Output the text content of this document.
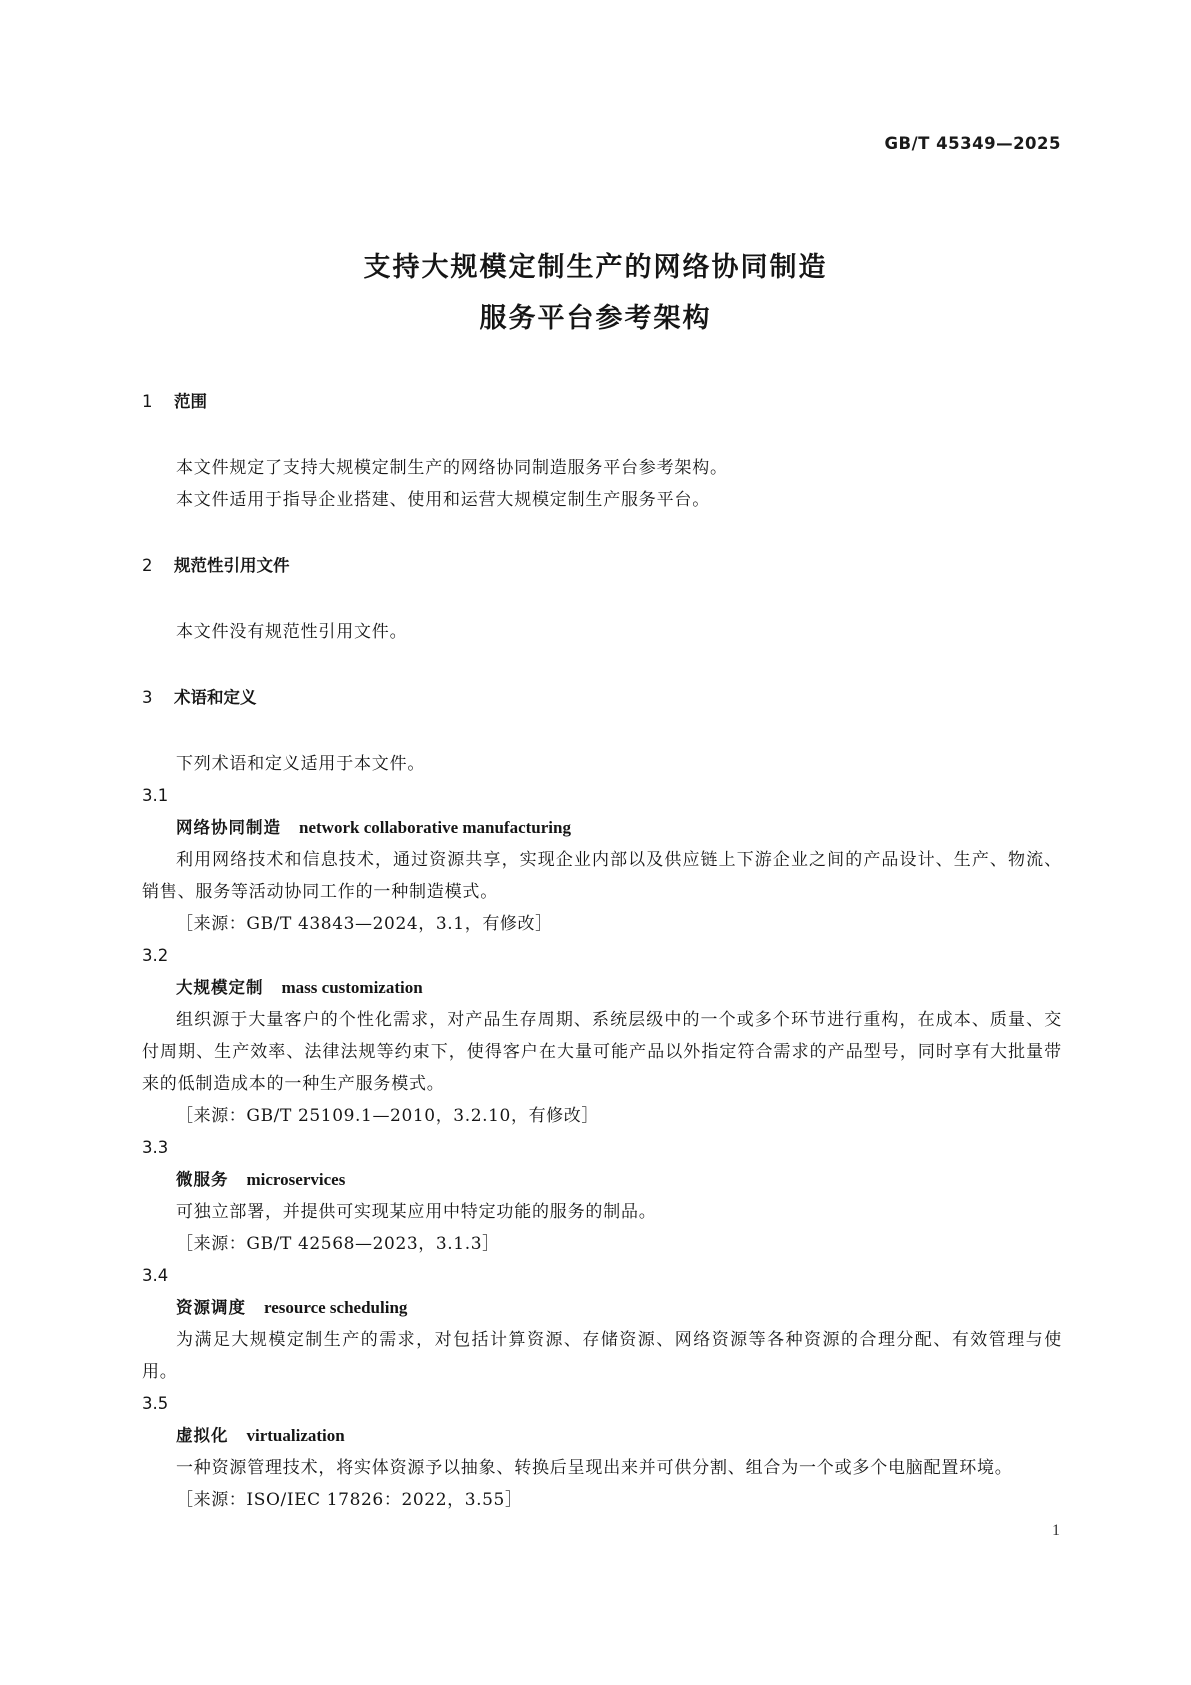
GB/T 45349—2025
支持大规模定制生产的网络协同制造
服务平台参考架构
1 范围
本文件规定了支持大规模定制生产的网络协同制造服务平台参考架构。
本文件适用于指导企业搭建、使用和运营大规模定制生产服务平台。
2 规范性引用文件
本文件没有规范性引用文件。
3 术语和定义
下列术语和定义适用于本文件。
3.1
网络协同制造 network collaborative manufacturing
利用网络技术和信息技术，通过资源共享，实现企业内部以及供应链上下游企业之间的产品设计、生产、物流、销售、服务等活动协同工作的一种制造模式。
［来源：GB/T 43843—2024，3.1，有修改］
3.2
大规模定制 mass customization
组织源于大量客户的个性化需求，对产品生存周期、系统层级中的一个或多个环节进行重构，在成本、质量、交付周期、生产效率、法律法规等约束下，使得客户在大量可能产品以外指定符合需求的产品型号，同时享有大批量带来的低制造成本的一种生产服务模式。
［来源：GB/T 25109.1—2010，3.2.10，有修改］
3.3
微服务 microservices
可独立部署，并提供可实现某应用中特定功能的服务的制品。
［来源：GB/T 42568—2023，3.1.3］
3.4
资源调度 resource scheduling
为满足大规模定制生产的需求，对包括计算资源、存储资源、网络资源等各种资源的合理分配、有效管理与使用。
3.5
虚拟化 virtualization
一种资源管理技术，将实体资源予以抽象、转换后呈现出来并可供分割、组合为一个或多个电脑配置环境。
［来源：ISO/IEC 17826：2022，3.55］
1
